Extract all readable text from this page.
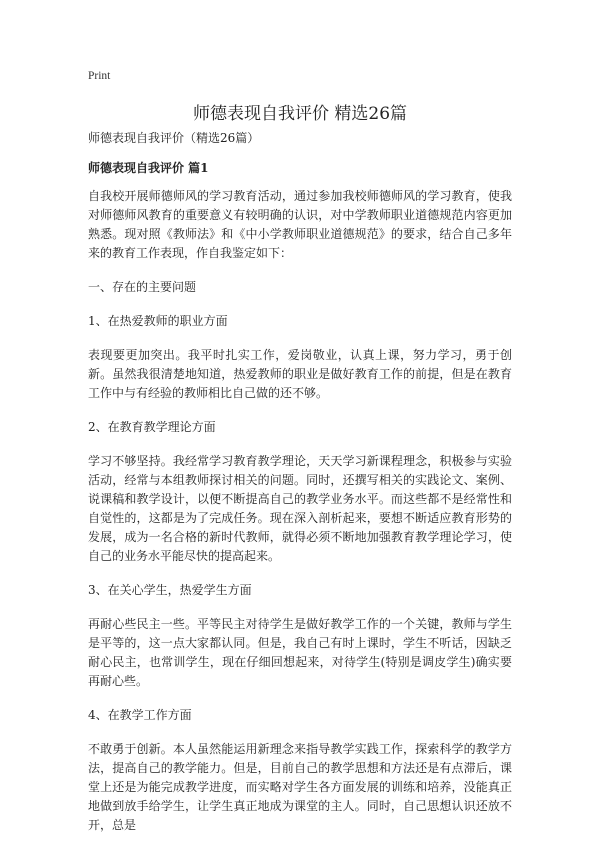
Print
师德表现自我评价 精选26篇

师德表现自我评价（精选26篇）

师德表现自我评价 篇1

自我校开展师德师风的学习教育活动，通过参加我校师德师风的学习教育，使我对师德师风教育的重要意义有较明确的认识，对中学教师职业道德规范内容更加熟悉。现对照《教师法》和《中小学教师职业道德规范》的要求，结合自己多年来的教育工作表现，作自我鉴定如下：

一、存在的主要问题

1、在热爱教师的职业方面

表现要更加突出。我平时扎实工作，爱岗敬业，认真上课，努力学习，勇于创新。虽然我很清楚地知道，热爱教师的职业是做好教育工作的前提，但是在教育工作中与有经验的教师相比自己做的还不够。

2、在教育教学理论方面

学习不够坚持。我经常学习教育教学理论，天天学习新课程理念，积极参与实验活动，经常与本组教师探讨相关的问题。同时，还撰写相关的实践论文、案例、说课稿和教学设计，以便不断提高自己的教学业务水平。而这些都不是经常性和自觉性的，这都是为了完成任务。现在深入剖析起来，要想不断适应教育形势的发展，成为一名合格的新时代教师，就得必须不断地加强教育教学理论学习，使自己的业务水平能尽快的提高起来。

3、在关心学生，热爱学生方面

再耐心些民主一些。平等民主对待学生是做好教学工作的一个关键，教师与学生是平等的，这一点大家都认同。但是，我自己有时上课时，学生不听话，因缺乏耐心民主，也常训学生，现在仔细回想起来，对待学生(特别是调皮学生)确实要再耐心些。

4、在教学工作方面

不敢勇于创新。本人虽然能运用新理念来指导教学实践工作，探索科学的教学方法，提高自己的教学能力。但是，目前自己的教学思想和方法还是有点滞后，课堂上还是为能完成教学进度，而实略对学生各方面发展的训练和培养，没能真正地做到放手给学生，让学生真正地成为课堂的主人。同时，自己思想认识还放不开，总是
